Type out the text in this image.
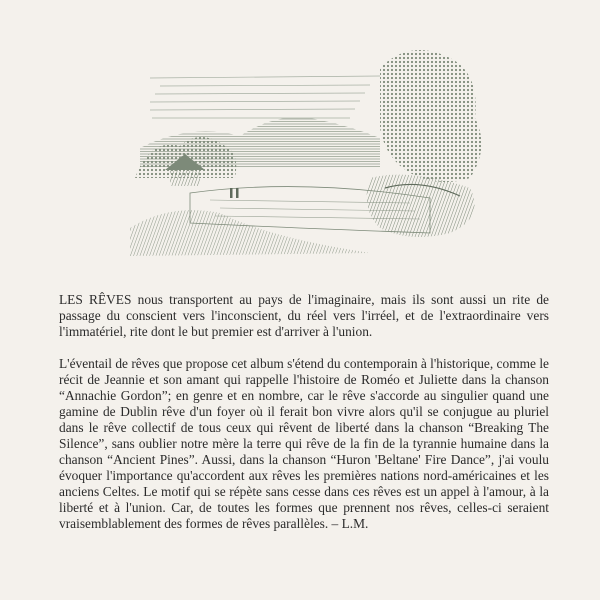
LES RÊVES nous transportent au pays de l'imaginaire, mais ils sont aussi un rite de passage du conscient vers l'inconscient, du réel vers l'irréel, et de l'extraordinaire vers l'immatériel, rite dont le but premier est d'arriver à l'union.

L'éventail de rêves que propose cet album s'étend du contemporain à l'historique, comme le récit de Jeannie et son amant qui rappelle l'histoire de Roméo et Juliette dans la chanson “Annachie Gordon”; en genre et en nombre, car le rêve s'accorde au singulier quand une gamine de Dublin rêve d'un foyer où il ferait bon vivre alors qu'il se conjugue au pluriel dans le rêve collectif de tous ceux qui rêvent de liberté dans la chanson “Breaking The Silence”, sans oublier notre mère la terre qui rêve de la fin de la tyrannie humaine dans la chanson “Ancient Pines”. Aussi, dans la chanson “Huron 'Beltane' Fire Dance”, j'ai voulu évoquer l'importance qu'accordent aux rêves les premières nations nord-américaines et les anciens Celtes. Le motif qui se répète sans cesse dans ces rêves est un appel à l'amour, à la liberté et à l'union. Car, de toutes les formes que prennent nos rêves, celles-ci seraient vraisemblablement des formes de rêves parallèles. – L.M.
